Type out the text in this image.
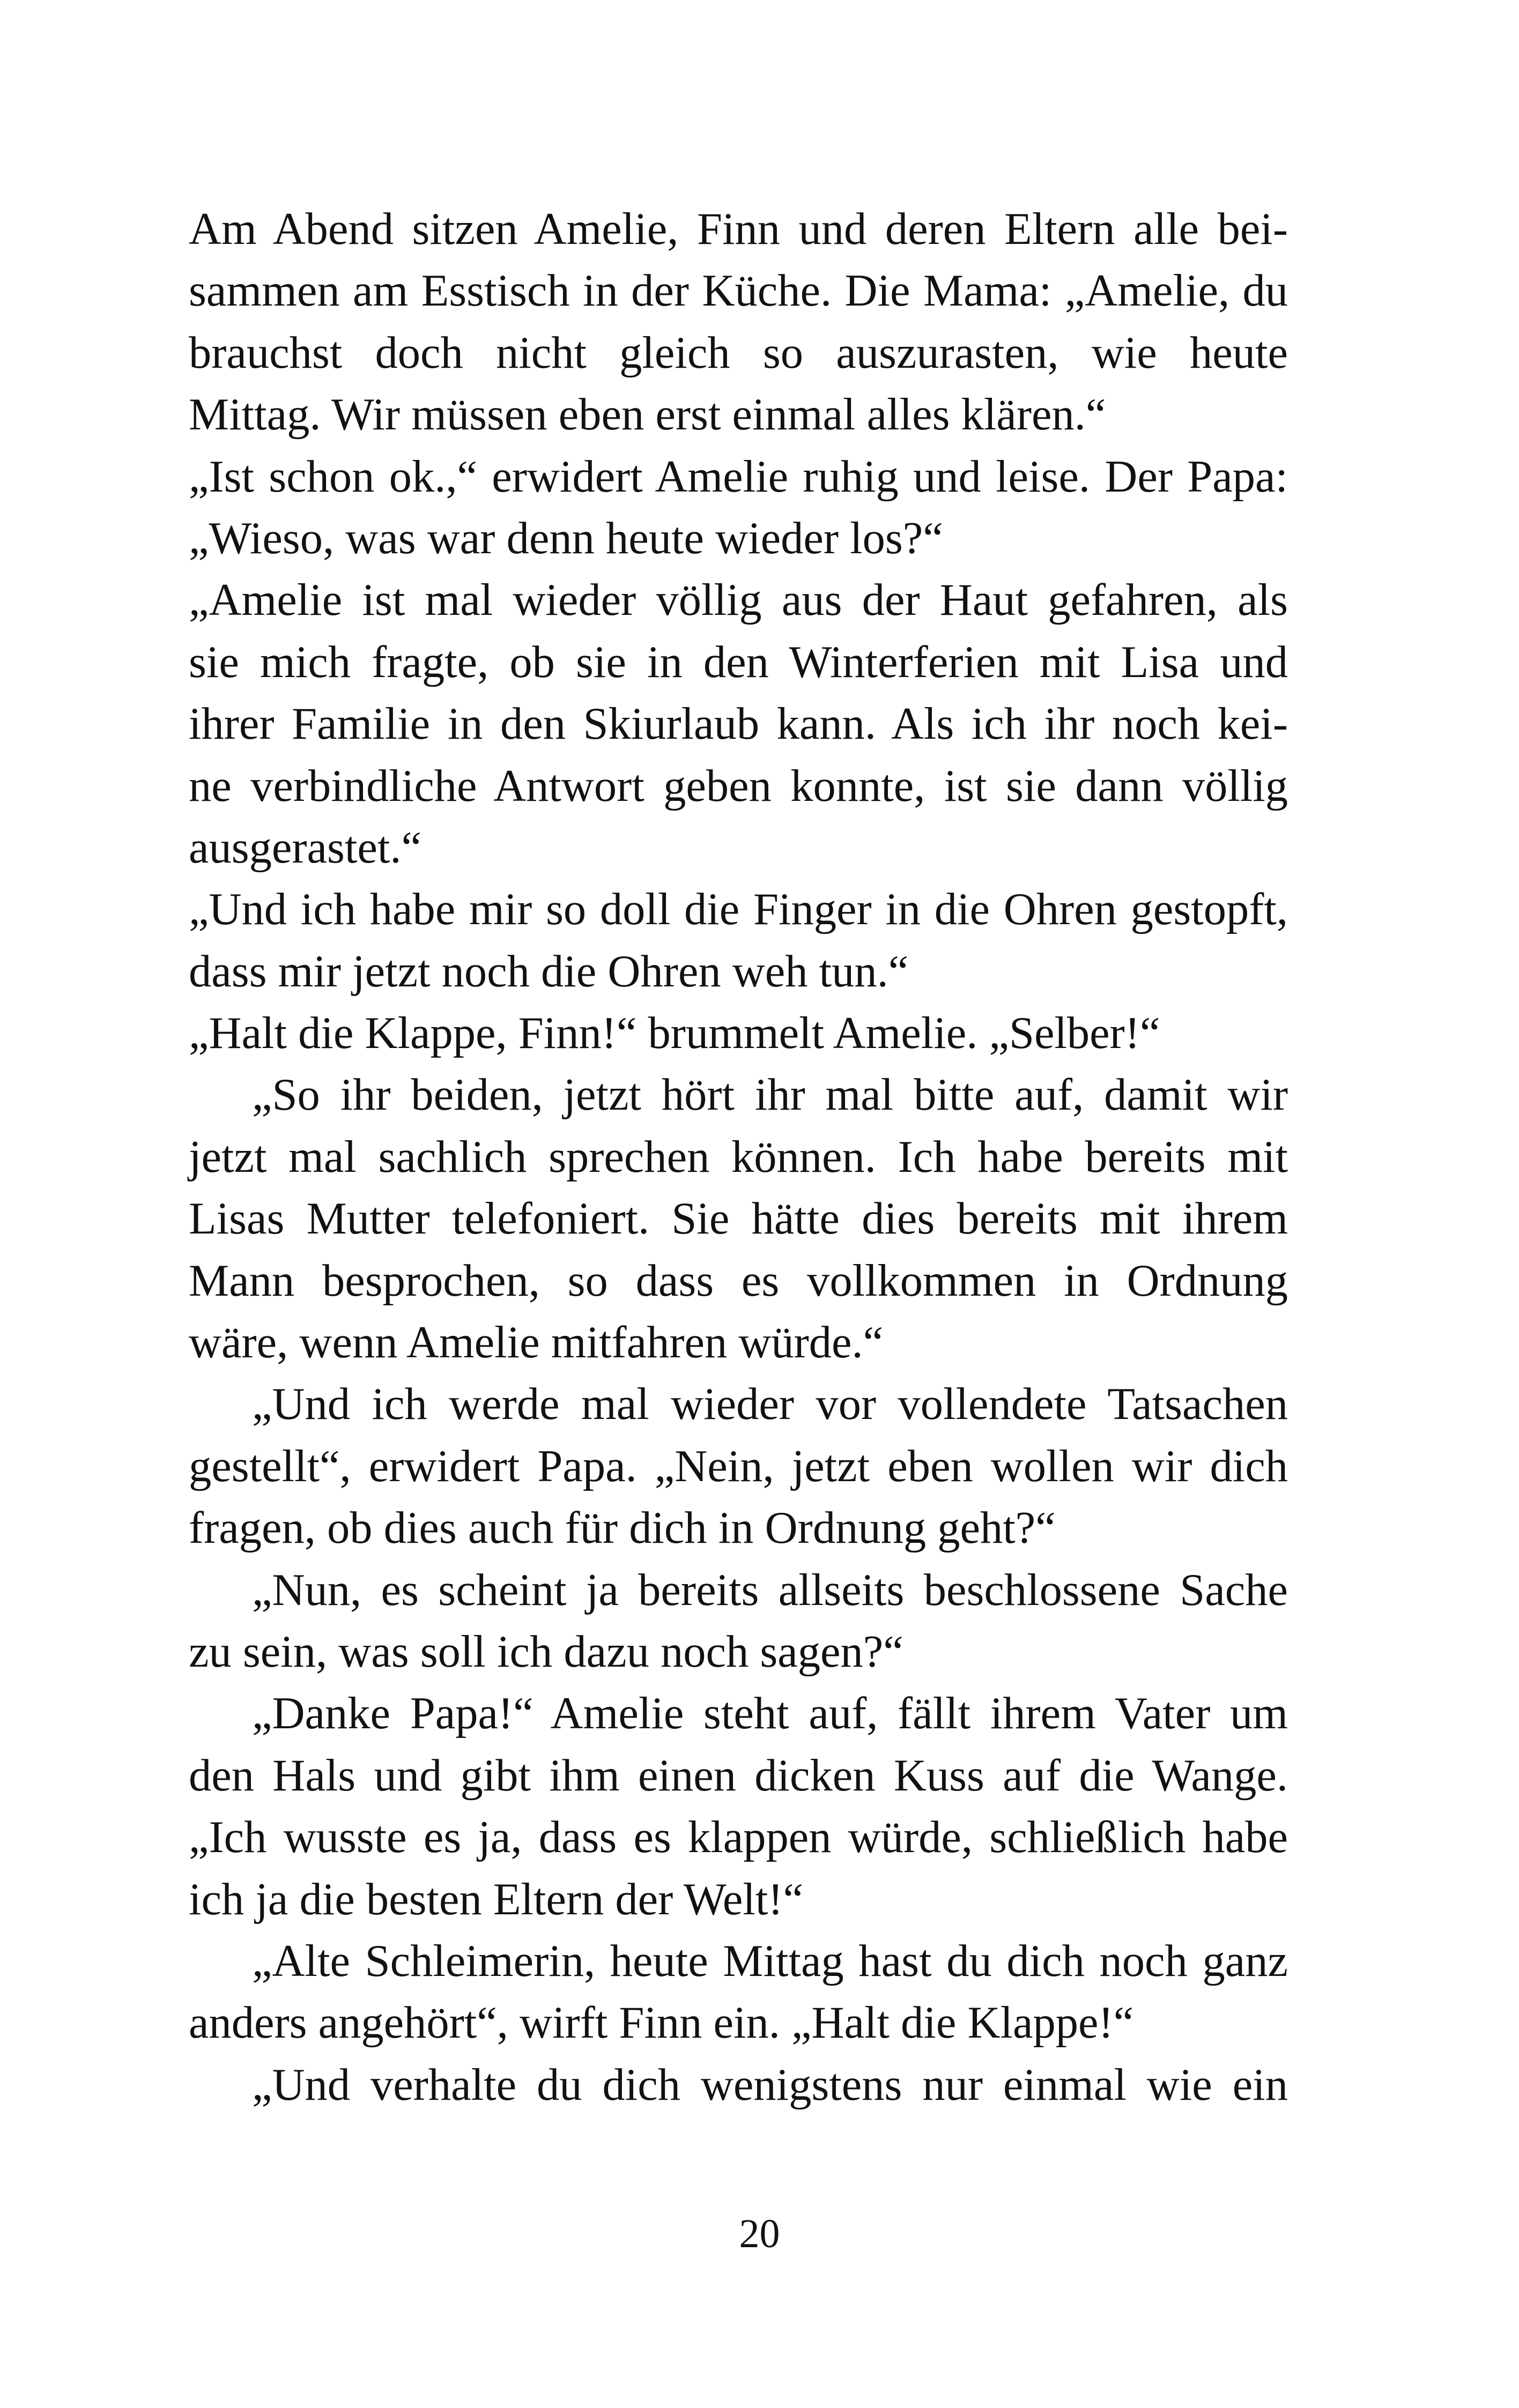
Am Abend sitzen Amelie, Finn und deren Eltern alle bei-
sammen am Esstisch in der Küche. Die Mama: „Amelie, du
brauchst doch nicht gleich so auszurasten, wie heute
Mittag. Wir müssen eben erst einmal alles klären.“
„Ist schon ok.,“ erwidert Amelie ruhig und leise. Der Papa:
„Wieso, was war denn heute wieder los?“
„Amelie ist mal wieder völlig aus der Haut gefahren, als
sie mich fragte, ob sie in den Winterferien mit Lisa und
ihrer Familie in den Skiurlaub kann. Als ich ihr noch kei-
ne verbindliche Antwort geben konnte, ist sie dann völlig
ausgerastet.“
„Und ich habe mir so doll die Finger in die Ohren gestopft,
dass mir jetzt noch die Ohren weh tun.“
„Halt die Klappe, Finn!“ brummelt Amelie. „Selber!“
„So ihr beiden, jetzt hört ihr mal bitte auf, damit wir
jetzt mal sachlich sprechen können. Ich habe bereits mit
Lisas Mutter telefoniert. Sie hätte dies bereits mit ihrem
Mann besprochen, so dass es vollkommen in Ordnung
wäre, wenn Amelie mitfahren würde.“
„Und ich werde mal wieder vor vollendete Tatsachen
gestellt“, erwidert Papa. „Nein, jetzt eben wollen wir dich
fragen, ob dies auch für dich in Ordnung geht?“
„Nun, es scheint ja bereits allseits beschlossene Sache
zu sein, was soll ich dazu noch sagen?“
„Danke Papa!“ Amelie steht auf, fällt ihrem Vater um
den Hals und gibt ihm einen dicken Kuss auf die Wange.
„Ich wusste es ja, dass es klappen würde, schließlich habe
ich ja die besten Eltern der Welt!“
„Alte Schleimerin, heute Mittag hast du dich noch ganz
anders angehört“, wirft Finn ein. „Halt die Klappe!“
„Und verhalte du dich wenigstens nur einmal wie ein
20
